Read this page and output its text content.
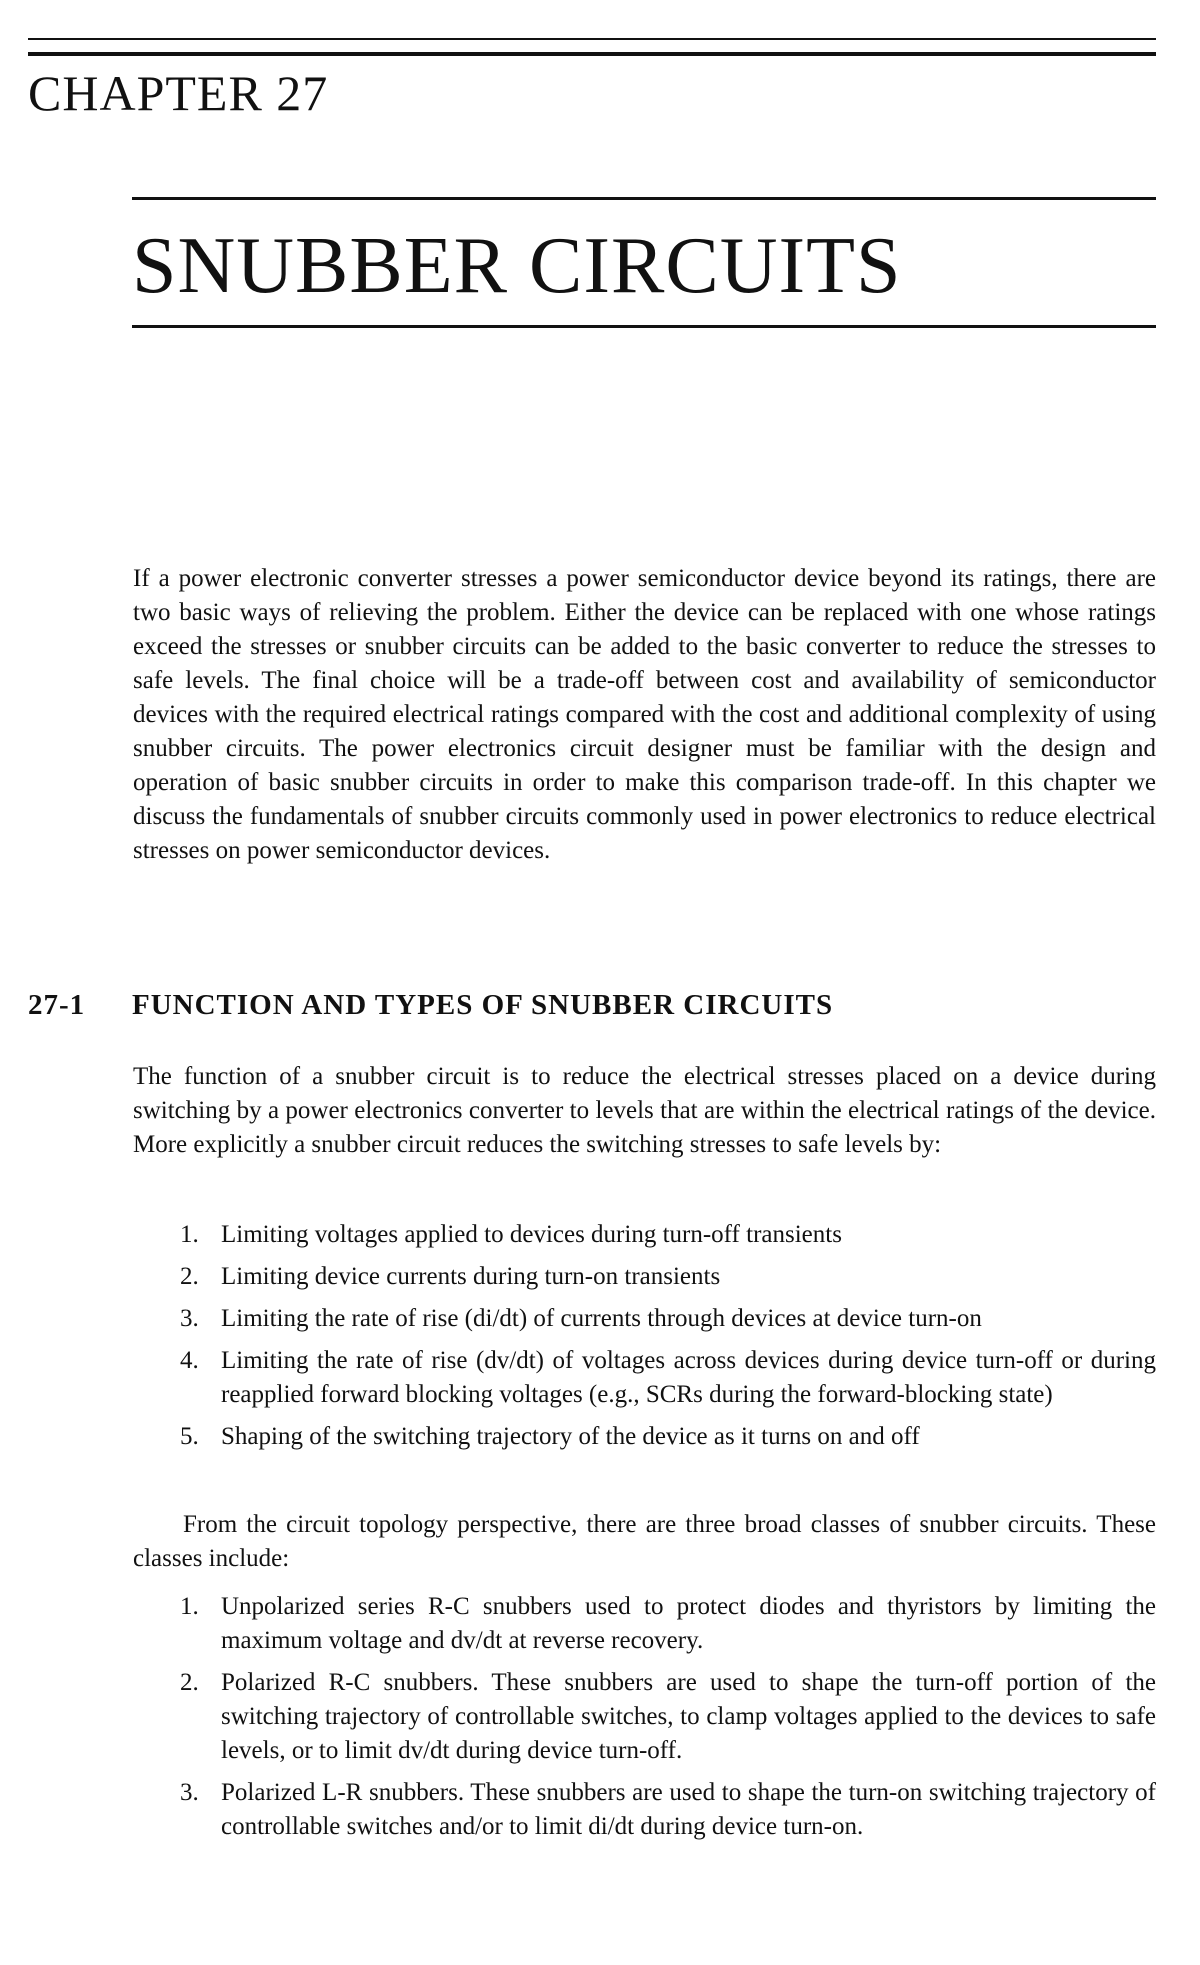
CHAPTER 27
SNUBBER CIRCUITS

If a power electronic converter stresses a power semiconductor device beyond its ratings, there are two basic ways of relieving the problem. Either the device can be replaced with one whose ratings exceed the stresses or snubber circuits can be added to the basic converter to reduce the stresses to safe levels. The final choice will be a trade-off between cost and availability of semiconductor devices with the required electrical ratings compared with the cost and additional complexity of using snubber circuits. The power electronics circuit designer must be familiar with the design and operation of basic snubber circuits in order to make this comparison trade-off. In this chapter we discuss the fundamentals of snubber circuits commonly used in power electronics to reduce electrical stresses on power semiconductor devices.

27-1 FUNCTION AND TYPES OF SNUBBER CIRCUITS

The function of a snubber circuit is to reduce the electrical stresses placed on a device during switching by a power electronics converter to levels that are within the electrical ratings of the device. More explicitly a snubber circuit reduces the switching stresses to safe levels by:

1. Limiting voltages applied to devices during turn-off transients
2. Limiting device currents during turn-on transients
3. Limiting the rate of rise (di/dt) of currents through devices at device turn-on
4. Limiting the rate of rise (dv/dt) of voltages across devices during device turn-off or during reapplied forward blocking voltages (e.g., SCRs during the forward-blocking state)
5. Shaping of the switching trajectory of the device as it turns on and off

From the circuit topology perspective, there are three broad classes of snubber circuits. These classes include:

1. Unpolarized series R-C snubbers used to protect diodes and thyristors by limiting the maximum voltage and dv/dt at reverse recovery.
2. Polarized R-C snubbers. These snubbers are used to shape the turn-off portion of the switching trajectory of controllable switches, to clamp voltages applied to the devices to safe levels, or to limit dv/dt during device turn-off.
3. Polarized L-R snubbers. These snubbers are used to shape the turn-on switching trajectory of controllable switches and/or to limit di/dt during device turn-on.
